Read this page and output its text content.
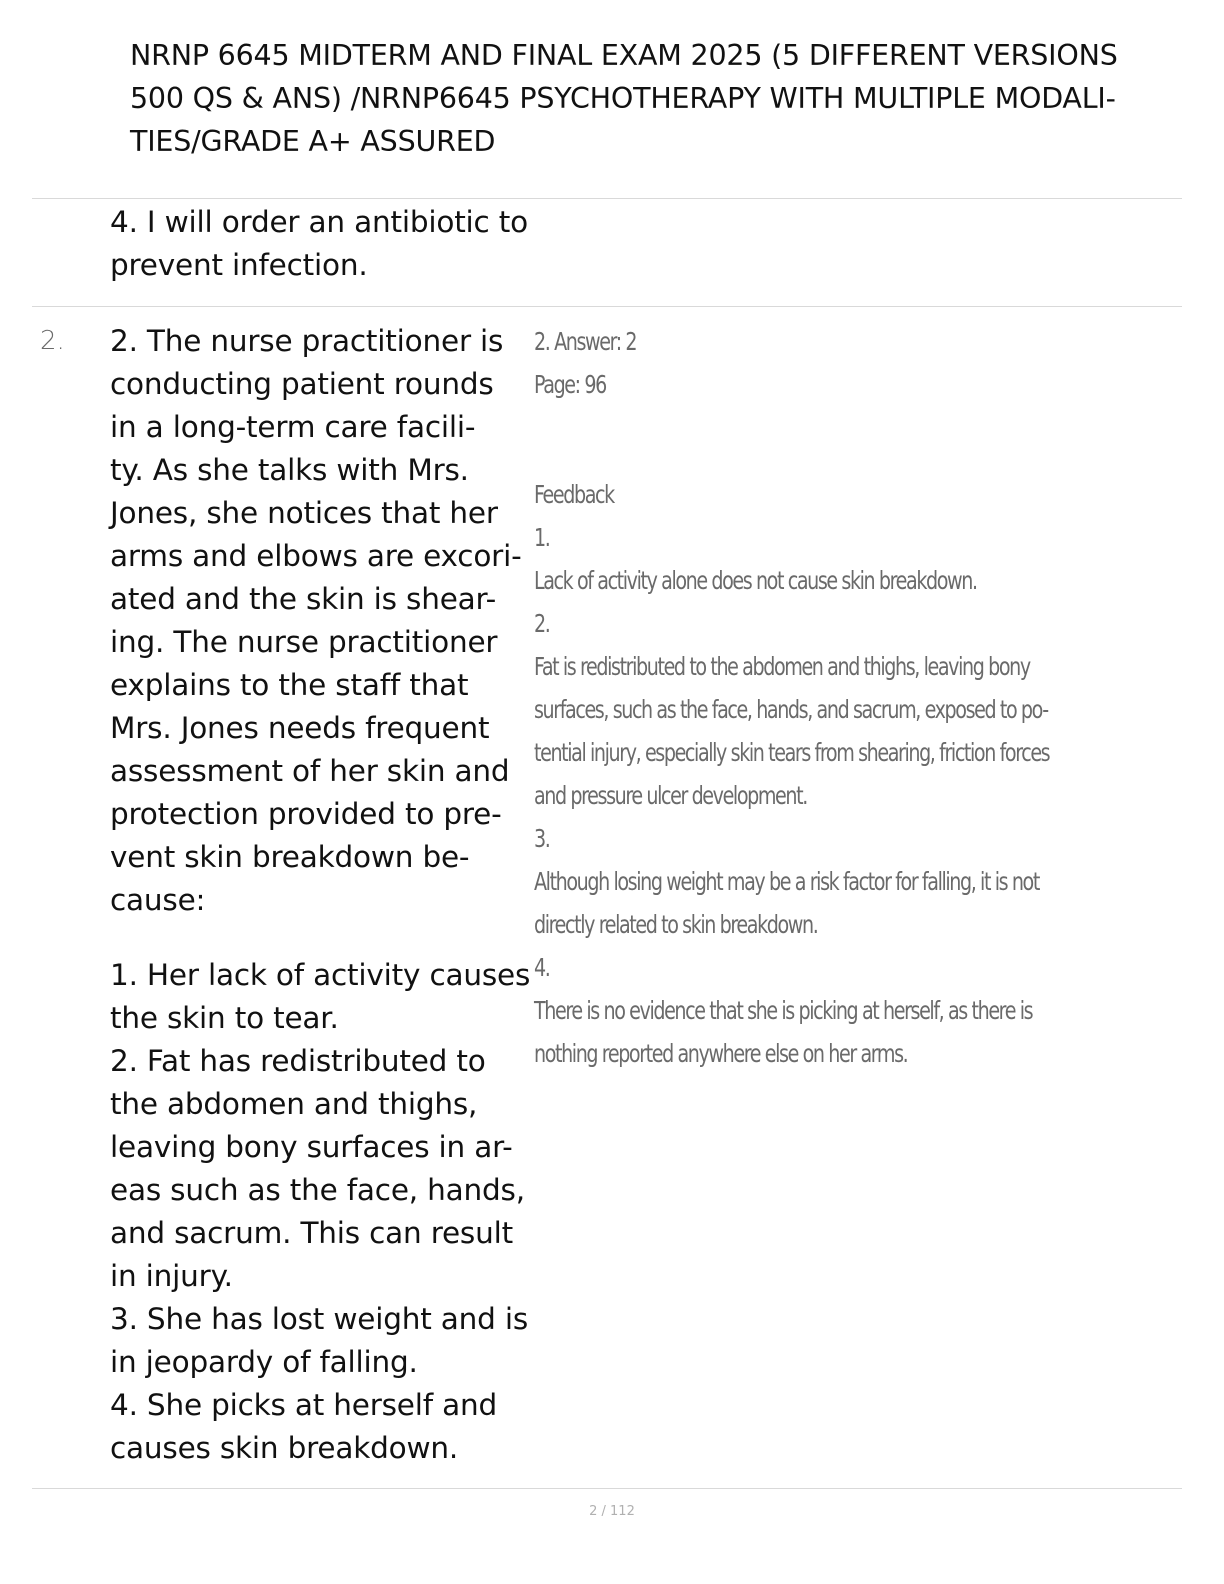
NRNP 6645 MIDTERM AND FINAL EXAM 2025 (5 DIFFERENT VERSIONS
500 QS & ANS) /NRNP6645 PSYCHOTHERAPY WITH MULTIPLE MODALI-
TIES/GRADE A+ ASSURED
4. I will order an antibiotic to
prevent infection.
2. 2. The nurse practitioner is
conducting patient rounds
in a long-term care facili-
ty. As she talks with Mrs.
Jones, she notices that her
arms and elbows are excori-
ated and the skin is shear-
ing. The nurse practitioner
explains to the staff that
Mrs. Jones needs frequent
assessment of her skin and
protection provided to pre-
vent skin breakdown be-
cause:
1. Her lack of activity causes
the skin to tear.
2. Fat has redistributed to
the abdomen and thighs,
leaving bony surfaces in ar-
eas such as the face, hands,
and sacrum. This can result
in injury.
3. She has lost weight and is
in jeopardy of falling.
4. She picks at herself and
causes skin breakdown.
2. Answer: 2
Page: 96

Feedback
1.
Lack of activity alone does not cause skin breakdown.
2.
Fat is redistributed to the abdomen and thighs, leaving bony
surfaces, such as the face, hands, and sacrum, exposed to po-
tential injury, especially skin tears from shearing, friction forces
and pressure ulcer development.
3.
Although losing weight may be a risk factor for falling, it is not
directly related to skin breakdown.
4.
There is no evidence that she is picking at herself, as there is
nothing reported anywhere else on her arms.
2 / 112
